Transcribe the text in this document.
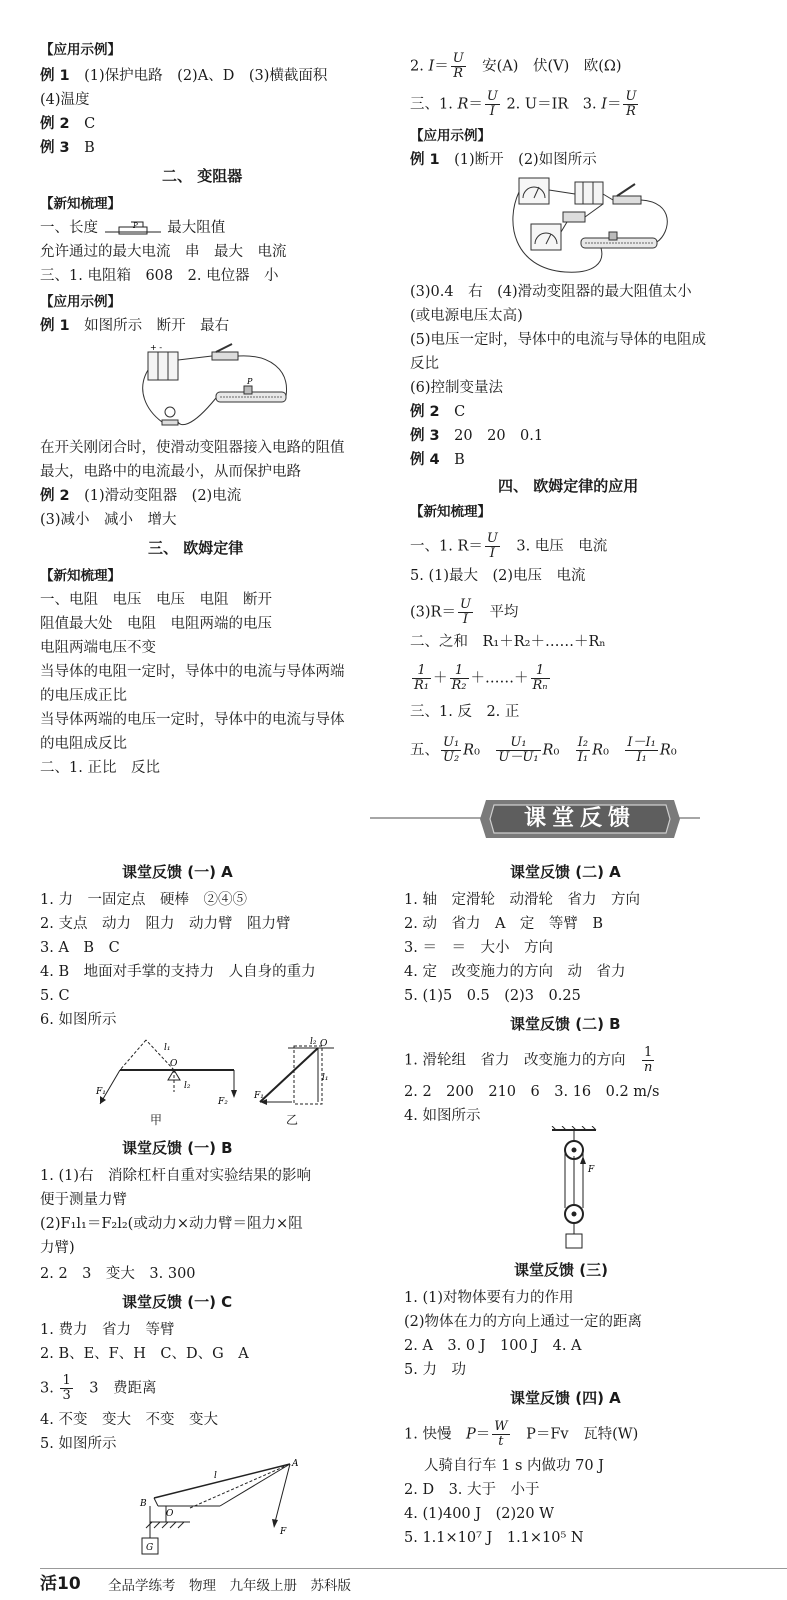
【应用示例】
例 1　 (1)保护电路　(2)A、D　(3)横截面积
(4)温度
例 2　 C
例 3　 B
二、 变阻器
【新知梳理】
一、长度	P 最大阻值
允许通过的最大电流　串　最大　电流
三、1. 电阻箱　608　2. 电位器　小
【应用示例】
例 1　 如图所示　断开　最右
+ -
P
在开关刚闭合时，使滑动变阻器接入电路的阻值
最大，电路中的电流最小，从而保护电路
例 2　 (1)滑动变阻器　(2)电流
(3)减小　减小　增大
三、 欧姆定律
【新知梳理】
一、电阻　电压　电压　电阻　断开
阻值最大处　电阻　电阻两端的电压
电阻两端电压不变
当导体的电阻一定时，导体中的电流与导体两端
的电压成正比
当导体两端的电压一定时，导体中的电流与导体
的电阻成反比
二、1. 正比　反比
2. $I= \frac{U}{R}$
　 安(A)　伏(V)　欧(Ω)
三、1. $R= \frac{U}{I} 2$. U＝IR　3. $I= \frac{U}{R}$
【应用示例】
例 1　 (1)断开　(2)如图所示
(3)0.4　右　(4)滑动变阻器的最大阻值太小
(或电源电压太高)
(5)电压一定时，导体中的电流与导体的电阻成
反比
(6)控制变量法
例 2　 C
例 3　 20　20　0.1
例 4　 B
四、 欧姆定律的应用
【新知梳理】
一、1. $R= \frac{U}{I}$
　 3. 电压　电流
5. (1)最大　(2)电压　电流
$(3)R= \frac{U}{I}$
　 平均
二、之和　R₁＋R₂＋……＋Rₙ
$\frac{1}{\text{R₁}} + \frac{1}{\text{R₂}}$ ＋……＋ $\frac{1}{\text{Rₙ}}$
三、1. 反　2. 正
五、 $\frac{\text{U₁}}{\text{U₂}} R_0$　 $\frac{\text{U₁}}{\text{U－U₁}} R_0$　 $\frac{\text{I₂}}{\text{I₁}} R_0$　 $\frac{\text{I－I₁}}{\text{I₁}} R_0$
课堂反馈
课堂反馈 (一) A
1. 力　一固定点　硬棒　②④⑤
2. 支点　动力　阻力　动力臂　阻力臂
3. A　B　C
4. B　地面对手掌的支持力　人自身的重力
5. C
6. 如图所示
l₁
O
l₂
F₁
F₂
l₂ O
l₁
F₁
甲	乙
课堂反馈 (一) B
1. (1)右　消除杠杆自重对实验结果的影响
便于测量力臂
(2)F₁l₁＝F₂l₂(或动力×动力臂＝阻力×阻
力臂)
2. 2　3　变大　3. 300
课堂反馈 (一) C
1. 费力　省力　等臂
2. B、E、F、H　C、D、G　A
3. $\frac{1}{3}$
　 3　费距离
4. 不变　变大　不变　变大
5. 如图所示
G
B
O
l
A
F
课堂反馈 (二) A
1. 轴　定滑轮　动滑轮　省力　方向
2. 动　省力　A　定　等臂　B
3. ＝　＝　大小　方向
4. 定　改变施力的方向　动　省力
5. (1)5　0.5　(2)3　0.25
课堂反馈 (二) B
1. 滑轮组　省力　改变施力的方向　 $\frac{1}{n}$
2. 2　200　210　6　3. 16　0.2 m/s
4. 如图所示
F
课堂反馈 (三)
1. (1)对物体要有力的作用
(2)物体在力的方向上通过一定的距离
2. A　3. 0 J　100 J　4. A
5. 力　功
课堂反馈 (四) A
1. 快慢　 $P= \frac{W}{t}$
　 P＝Fv　瓦特(W)
人骑自行车 1 s 内做功 70 J
2. D　3. 大于　小于
4. (1)400 J　(2)20 W
5. 1.1×10⁷ J　1.1×10⁵ N
活10 全品学练考　物理　九年级上册　苏科版
